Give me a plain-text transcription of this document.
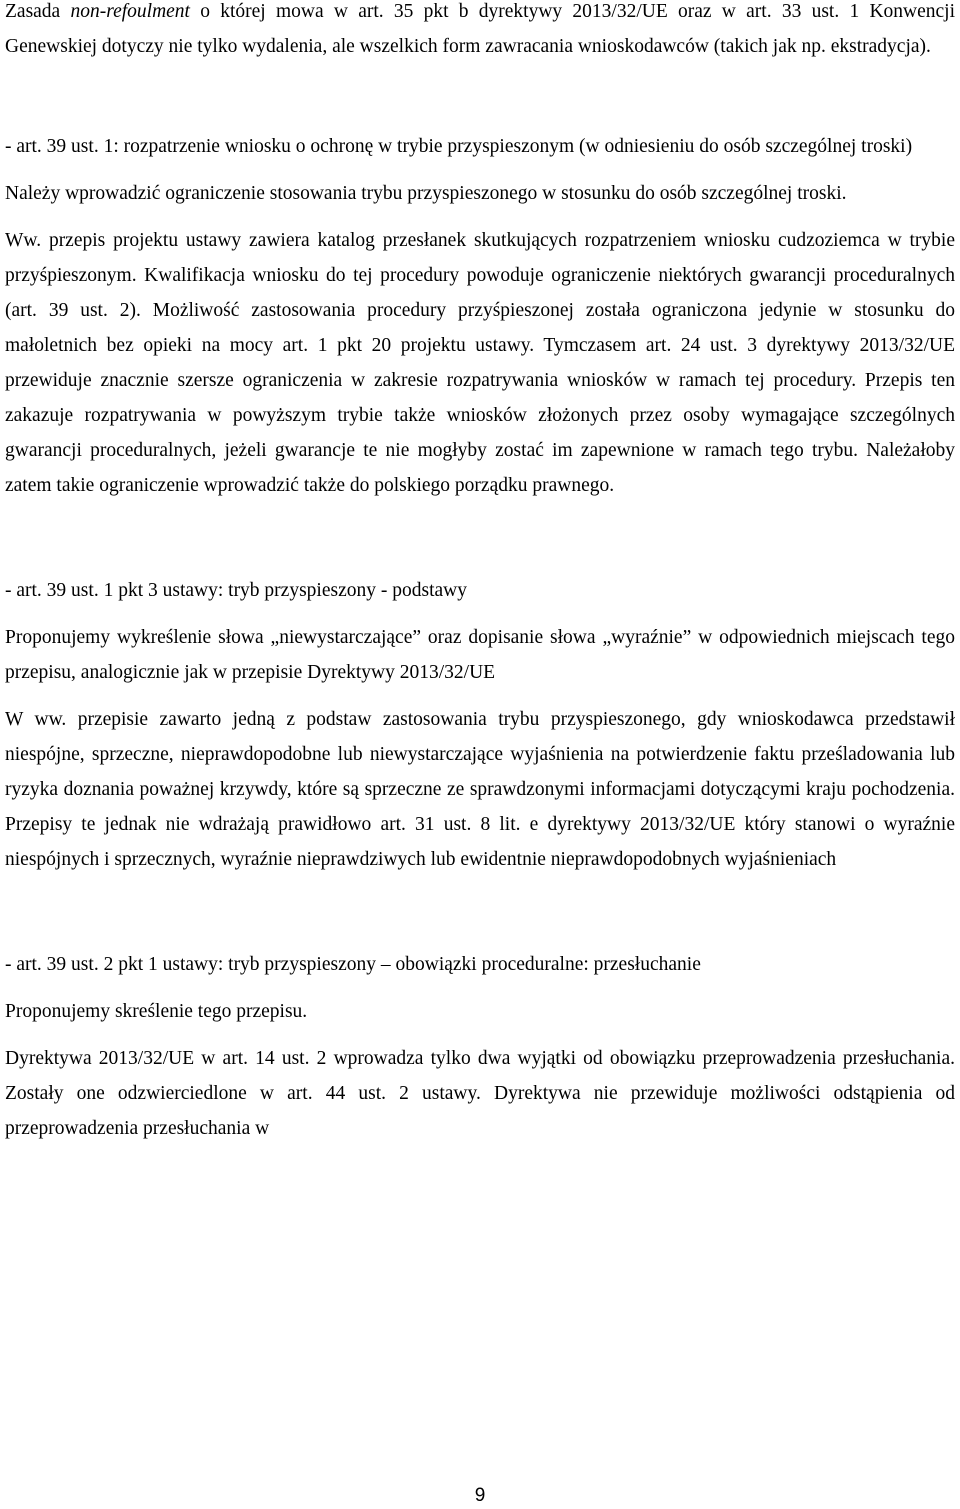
Zasada non-refoulment o której mowa w art. 35 pkt b dyrektywy 2013/32/UE oraz w art. 33 ust. 1 Konwencji Genewskiej dotyczy nie tylko wydalenia, ale wszelkich form zawracania wnioskodawców (takich jak np. ekstradycja).

- art. 39 ust. 1: rozpatrzenie wniosku o ochronę w trybie przyspieszonym (w odniesieniu do osób szczególnej troski)

Należy wprowadzić ograniczenie stosowania trybu przyspieszonego w stosunku do osób szczególnej troski.

Ww. przepis projektu ustawy zawiera katalog przesłanek skutkujących rozpatrzeniem wniosku cudzoziemca w trybie przyśpieszonym. Kwalifikacja wniosku do tej procedury powoduje ograniczenie niektórych gwarancji proceduralnych (art. 39 ust. 2). Możliwość zastosowania procedury przyśpieszonej została ograniczona jedynie w stosunku do małoletnich bez opieki na mocy art. 1 pkt 20 projektu ustawy. Tymczasem art. 24 ust. 3 dyrektywy 2013/32/UE przewiduje znacznie szersze ograniczenia w zakresie rozpatrywania wniosków w ramach tej procedury. Przepis ten zakazuje rozpatrywania w powyższym trybie także wniosków złożonych przez osoby wymagające szczególnych gwarancji proceduralnych, jeżeli gwarancje te nie mogłyby zostać im zapewnione w ramach tego trybu. Należałoby zatem takie ograniczenie wprowadzić także do polskiego porządku prawnego.

- art. 39 ust. 1 pkt 3 ustawy: tryb przyspieszony - podstawy

Proponujemy wykreślenie słowa „niewystarczające” oraz dopisanie słowa „wyraźnie” w odpowiednich miejscach tego przepisu, analogicznie jak w przepisie Dyrektywy 2013/32/UE

W ww. przepisie zawarto jedną z podstaw zastosowania trybu przyspieszonego, gdy wnioskodawca przedstawił niespójne, sprzeczne, nieprawdopodobne lub niewystarczające wyjaśnienia na potwierdzenie faktu prześladowania lub ryzyka doznania poważnej krzywdy, które są sprzeczne ze sprawdzonymi informacjami dotyczącymi kraju pochodzenia. Przepisy te jednak nie wdrażają prawidłowo art. 31 ust. 8 lit. e dyrektywy 2013/32/UE który stanowi o wyraźnie niespójnych i sprzecznych, wyraźnie nieprawdziwych lub ewidentnie nieprawdopodobnych wyjaśnieniach

- art. 39 ust. 2 pkt 1 ustawy: tryb przyspieszony – obowiązki proceduralne: przesłuchanie

Proponujemy skreślenie tego przepisu.

Dyrektywa 2013/32/UE w art. 14 ust. 2 wprowadza tylko dwa wyjątki od obowiązku przeprowadzenia przesłuchania. Zostały one odzwierciedlone w art. 44 ust. 2 ustawy. Dyrektywa nie przewiduje możliwości odstąpienia od przeprowadzenia przesłuchania w

9
